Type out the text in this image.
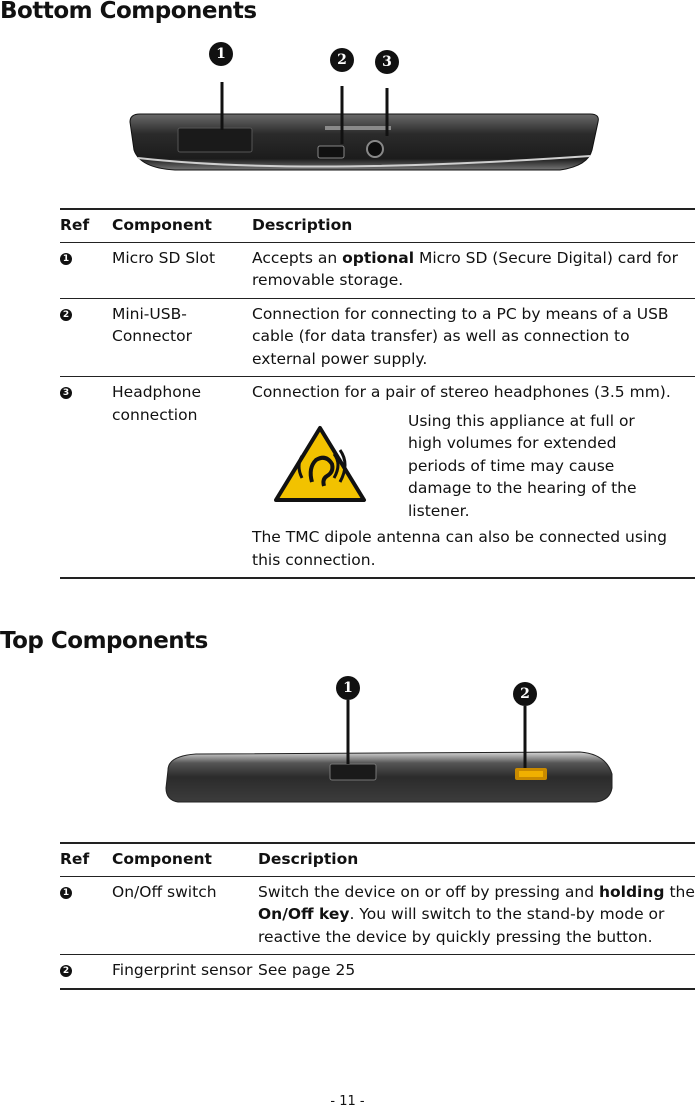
Bottom Components
1	2	3
Ref	Component	Description
1	Micro SD Slot	Accepts an optional Micro SD (Secure Digital) card for removable storage.
2	Mini-USB-Connector	Connection for connecting to a PC by means of a USB cable (for data transfer) as well as connection to external power supply.
3	Headphone connection	Connection for a pair of stereo headphones (3.5 mm).
Using this appliance at full or high volumes for extended periods of time may cause damage to the hearing of the listener.
The TMC dipole antenna can also be connected using this connection.
Top Components
1	2
Ref	Component	Description
1	On/Off switch	Switch the device on or off by pressing and holding the On/Off key. You will switch to the stand-by mode or reactive the device by quickly pressing the button.
2	Fingerprint sensor	See page 25
- 11 -
